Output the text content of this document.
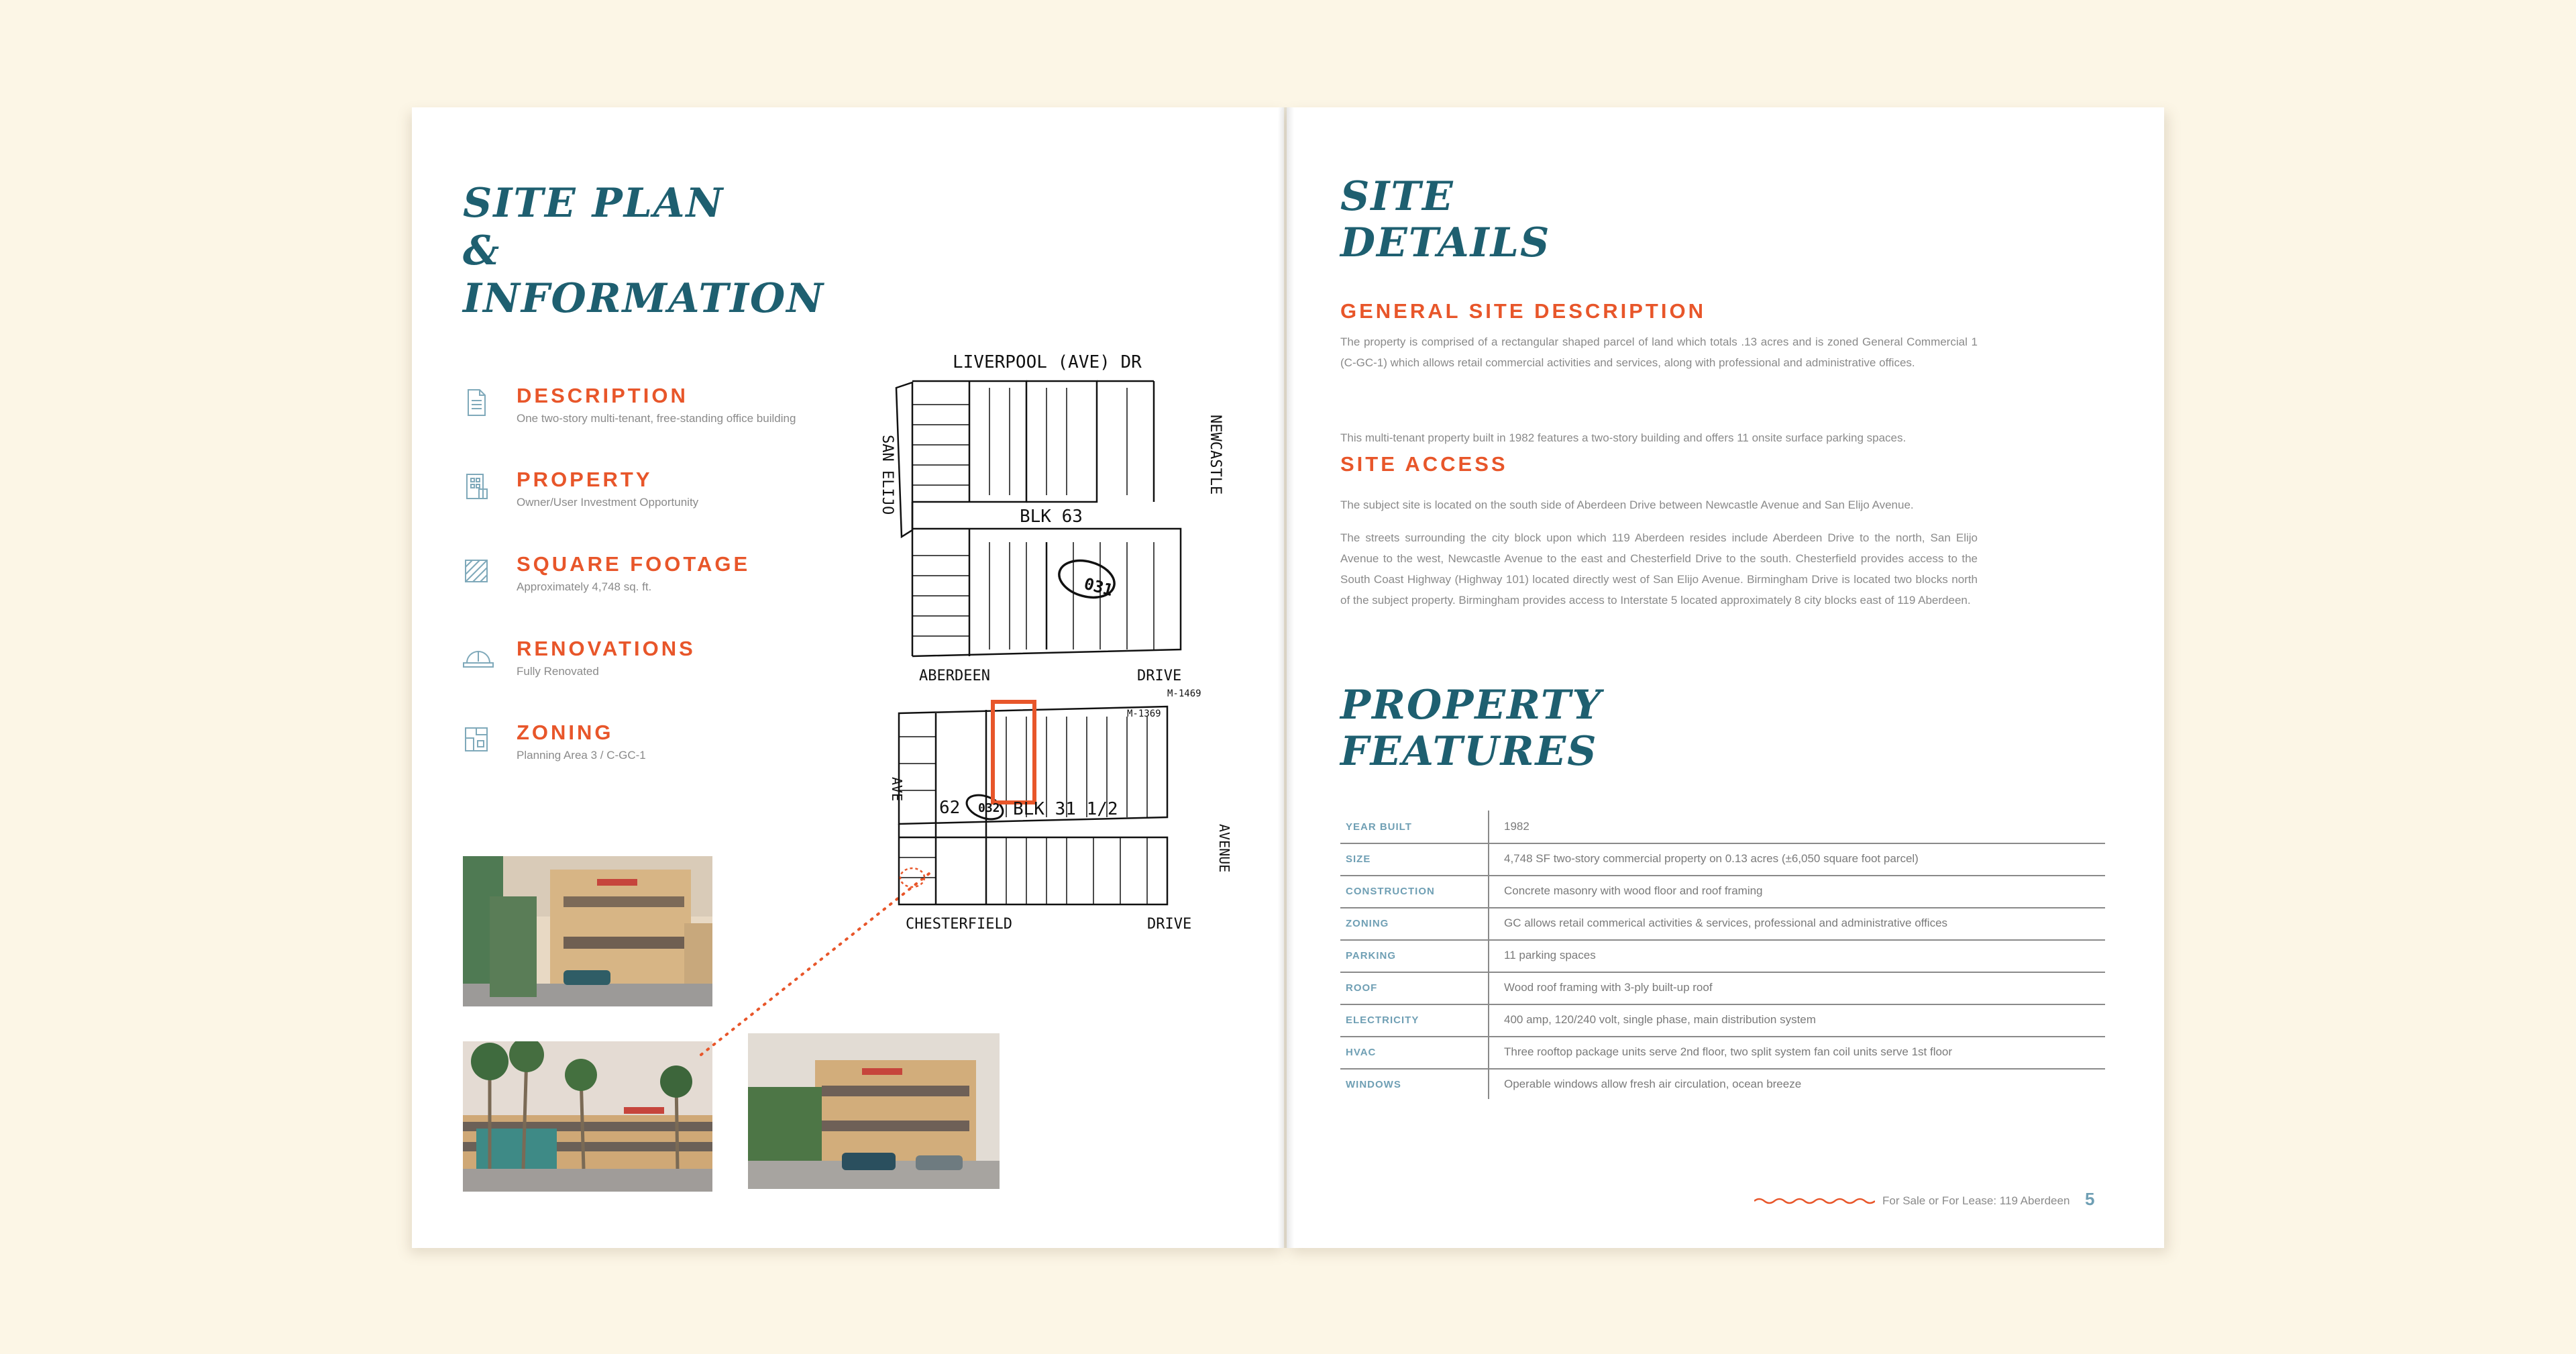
SITE PLAN
&
INFORMATION
DESCRIPTION
One two-story multi-tenant, free-standing office building
PROPERTY
Owner/User Investment Opportunity
SQUARE FOOTAGE
Approximately 4,748 sq. ft.
RENOVATIONS
Fully Renovated
ZONING
Planning Area 3 / C-GC-1
LIVERPOOL (AVE) DR
NEWCASTLE
SAN ELIJO
BLK 63
031
ABERDEEN	DRIVE
M-1469
M-1369
AVE
62 032 BLK 31 1/2
AVENUE
CHESTERFIELD	DRIVE
SITE
DETAILS
GENERAL SITE DESCRIPTION
The property is comprised of a rectangular shaped parcel of land which totals .13 acres and is zoned General Commercial 1 (C-GC-1) which allows retail commercial activities and services, along with professional and administrative offices.
This multi-tenant property built in 1982 features a two-story building and offers 11 onsite surface parking spaces.
SITE ACCESS
The subject site is located on the south side of Aberdeen Drive between Newcastle Avenue and San Elijo Avenue.
The streets surrounding the city block upon which 119 Aberdeen resides include Aberdeen Drive to the north, San Elijo Avenue to the west, Newcastle Avenue to the east and Chesterfield Drive to the south. Chesterfield provides access to the South Coast Highway (Highway 101) located directly west of San Elijo Avenue. Birmingham Drive is located two blocks north of the subject property. Birmingham provides access to Interstate 5 located approximately 8 city blocks east of 119 Aberdeen.
PROPERTY
FEATURES
YEAR BUILT	1982
SIZE	4,748 SF two-story commercial property on 0.13 acres (±6,050 square foot parcel)
CONSTRUCTION	Concrete masonry with wood floor and roof framing
ZONING	GC allows retail commerical activities & services, professional and administrative offices
PARKING	11 parking spaces
ROOF	Wood roof framing with 3-ply built-up roof
ELECTRICITY	400 amp, 120/240 volt, single phase, main distribution system
HVAC	Three rooftop package units serve 2nd floor, two split system fan coil units serve 1st floor
WINDOWS	Operable windows allow fresh air circulation, ocean breeze
For Sale or For Lease: 119 Aberdeen 5
